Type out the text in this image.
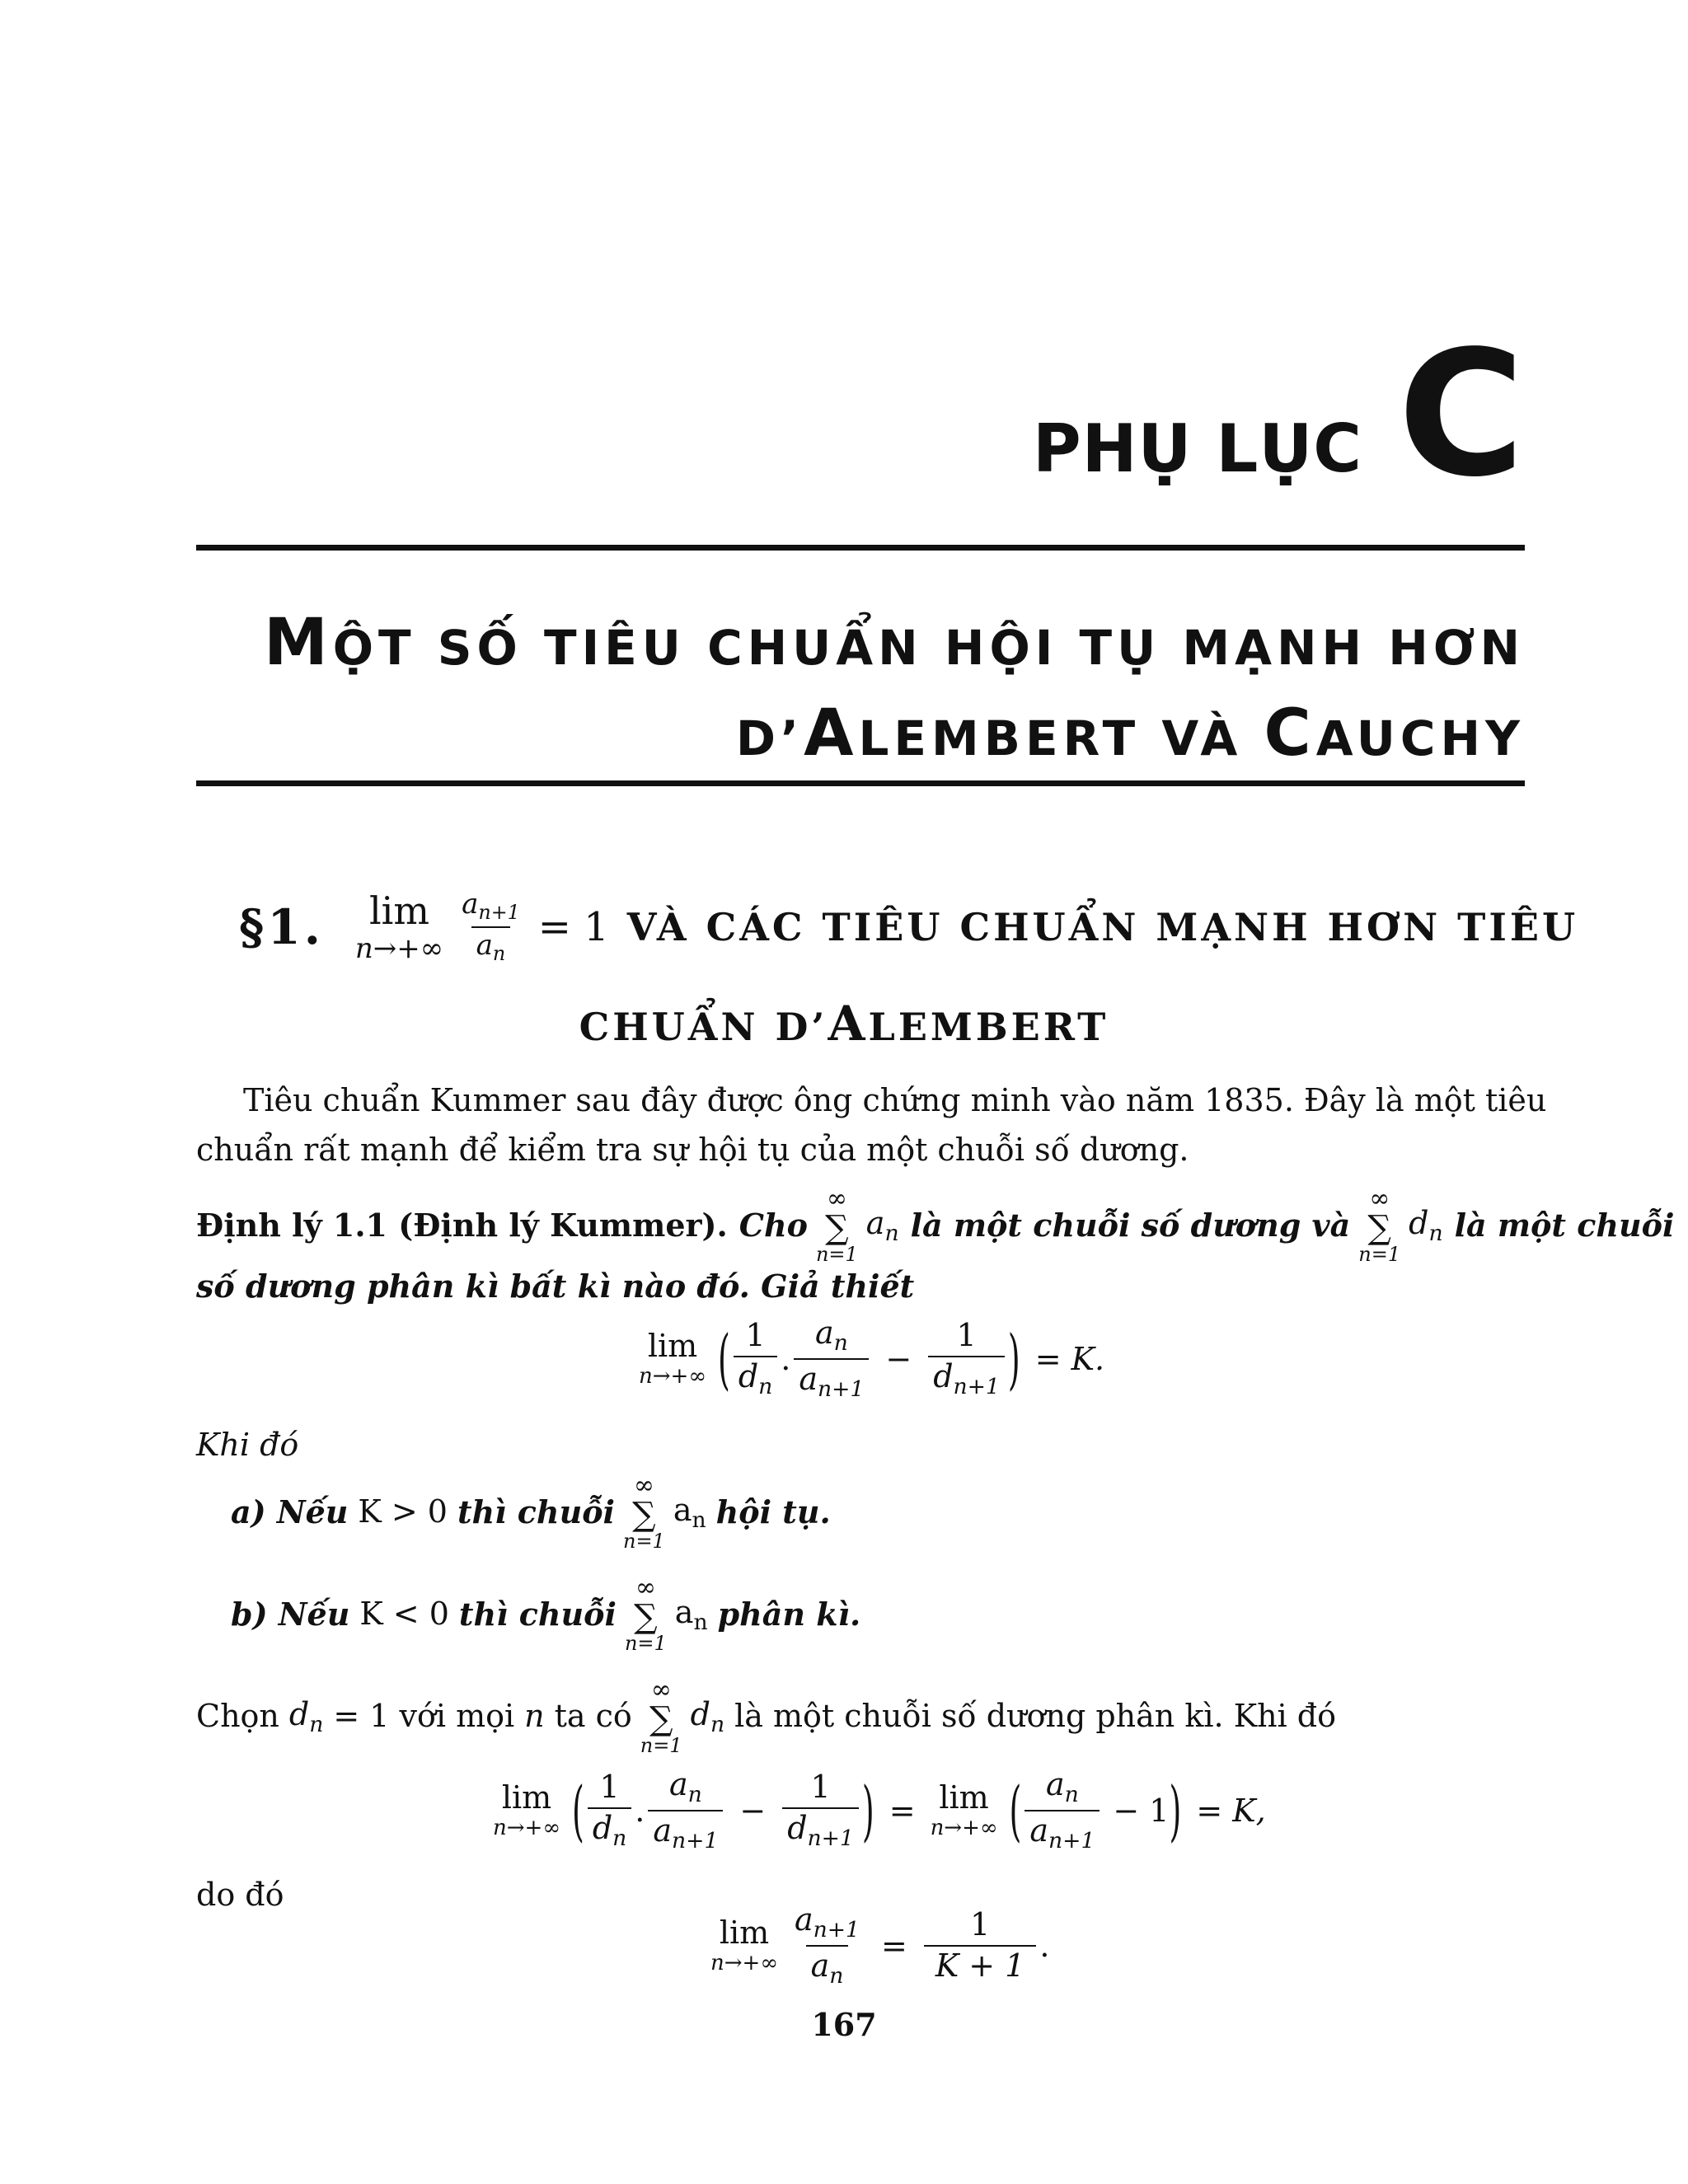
C
PHỤ LỤC
MỘT SỐ TIÊU CHUẨN HỘI TỤ MẠNH HƠN
D’ALEMBERT VÀ CAUCHY
§1. lim
$n\to+\infty \frac{a_{n+1}}{a_n} = 1$ VÀ CÁC TIÊU CHUẨN MẠNH HƠN TIÊU
CHUẨN D’ALEMBERT
Tiêu chuẩn Kummer sau đây được ông chứng minh vào năm 1835. Đây là một tiêu
chuẩn rất mạnh để kiểm tra sự hội tụ của một chuỗi số dương.
Định lý 1.1 (Định lý Kummer). Cho
∞
∑
n=1
$a_n$ là một chuỗi số dương và
∞
∑
n=1
$d_n$ là một chuỗi
số dương phân kì bất kì nào đó. Giả thiết
lim
n→+∞ ( $\frac{1}{d_n}$ . $\frac{a_n}{a_{n+1}} - \frac{1}{d_{n+1}}$ ) = K.
Khi đó
a) Nếu K > 0 thì chuỗi
∞
∑
n=1
$a_n$ hội tụ.
b) Nếu K < 0 thì chuỗi
∞
∑
n=1
$a_n$ phân kì.
Chọn $d_n = 1$ với mọi n ta có
∞
∑
n=1
$d_n$ là một chuỗi số dương phân kì. Khi đó
lim
n→+∞ ( $\frac{1}{d_n}$ . $\frac{a_n}{a_{n+1}} - \frac{1}{d_{n+1}}$ ) = lim
n→+∞ ( $\frac{a_n}{a_{n+1}} - 1$ ) = K,
do đó
lim
$n\to+\infty \frac{a_{n+1}}{a_n} = \frac{1}{K + 1}$ .
167
